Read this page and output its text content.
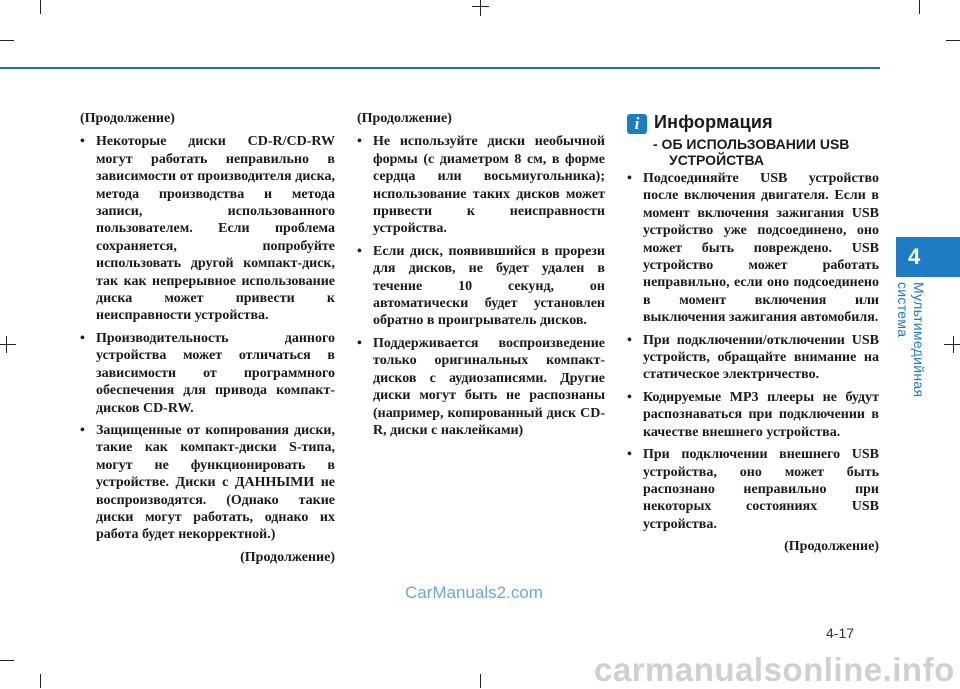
(Продолжение)
• Некоторые диски CD-R/CD-RW могут работать неправильно в зависимости от производителя диска, метода производства и метода записи, использованного пользователем. Если проблема сохраняется, попробуйте использовать другой компакт-диск, так как непрерывное использование диска может привести к неисправности устройства.
• Производительность данного устройства может отличаться в зависимости от программного обеспечения для привода компакт-дисков CD-RW.
• Защищенные от копирования диски, такие как компакт-диски S-типа, могут не функционировать в устройстве. Диски с ДАННЫМИ не воспроизводятся. (Однако такие диски могут работать, однако их работа будет некорректной.)
(Продолжение)
(Продолжение)
• Не используйте диски необычной формы (с диаметром 8 см, в форме сердца или восьмиугольника); использование таких дисков может привести к неисправности устройства.
• Если диск, появившийся в прорези для дисков, не будет удален в течение 10 секунд, он автоматически будет установлен обратно в проигрыватель дисков.
• Поддерживается воспроизведение только оригинальных компакт-дисков с аудиозаписями. Другие диски могут быть не распознаны (например, копированный диск CD-R, диски с наклейками)
i Информация
- ОБ ИСПОЛЬЗОВАНИИ USB
УСТРОЙСТВА
• Подсоединяйте USB устройство после включения двигателя. Если в момент включения зажигания USB устройство уже подсоединено, оно может быть повреждено. USB устройство может работать неправильно, если оно подсоединено в момент включения или выключения зажигания автомобиля.
• При подключении/отключении USB устройств, обращайте внимание на статическое электричество.
• Кодируемые MP3 плееры не будут распознаваться при подключении в качестве внешнего устройства.
• При подключении внешнего USB устройства, оно может быть распознано неправильно при некоторых состояниях USB устройства.
(Продолжение)
4
Мультимедийная система
4-17
CarManuals2.com
carmanualsonline.info
